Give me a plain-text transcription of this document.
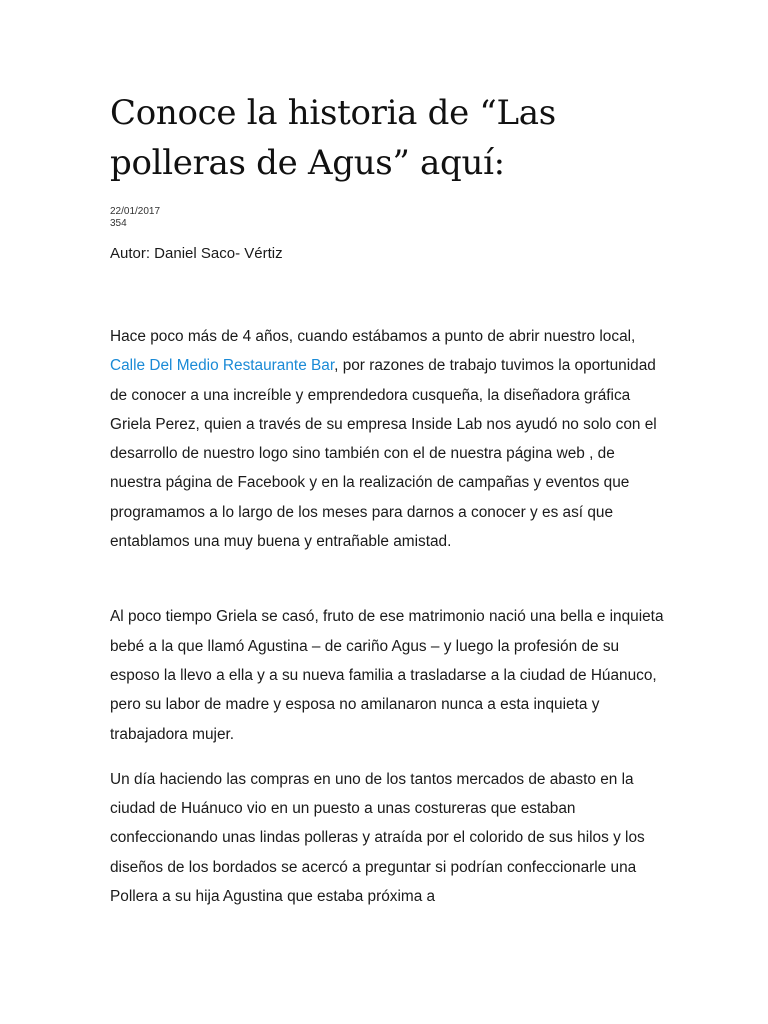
Conoce la historia de “Las polleras de Agus” aquí:
22/01/2017
354
Autor: Daniel Saco- Vértiz

Hace poco más de 4 años, cuando estábamos a punto de abrir nuestro local, Calle Del Medio Restaurante Bar, por razones de trabajo tuvimos la oportunidad de conocer a una increíble y emprendedora cusqueña, la diseñadora gráfica Griela Perez, quien a través de su empresa Inside Lab nos ayudó no solo con el desarrollo de nuestro logo sino también con el de nuestra página web , de nuestra página de Facebook y en la realización de campañas y eventos que programamos a lo largo de los meses para darnos a conocer y es así que entablamos una muy buena y entrañable amistad.

Al poco tiempo Griela se casó, fruto de ese matrimonio nació una bella e inquieta bebé a la que llamó Agustina – de cariño Agus – y luego la profesión de su esposo la llevo a ella y a su nueva familia a trasladarse a la ciudad de Húanuco, pero su labor de madre y esposa no amilanaron nunca a esta inquieta y trabajadora mujer.

Un día haciendo las compras en uno de los tantos mercados de abasto en la ciudad de Huánuco vio en un puesto a unas costureras que estaban confeccionando unas lindas polleras y atraída por el colorido de sus hilos y los diseños de los bordados se acercó a preguntar si podrían confeccionarle una Pollera a su hija Agustina que estaba próxima a
